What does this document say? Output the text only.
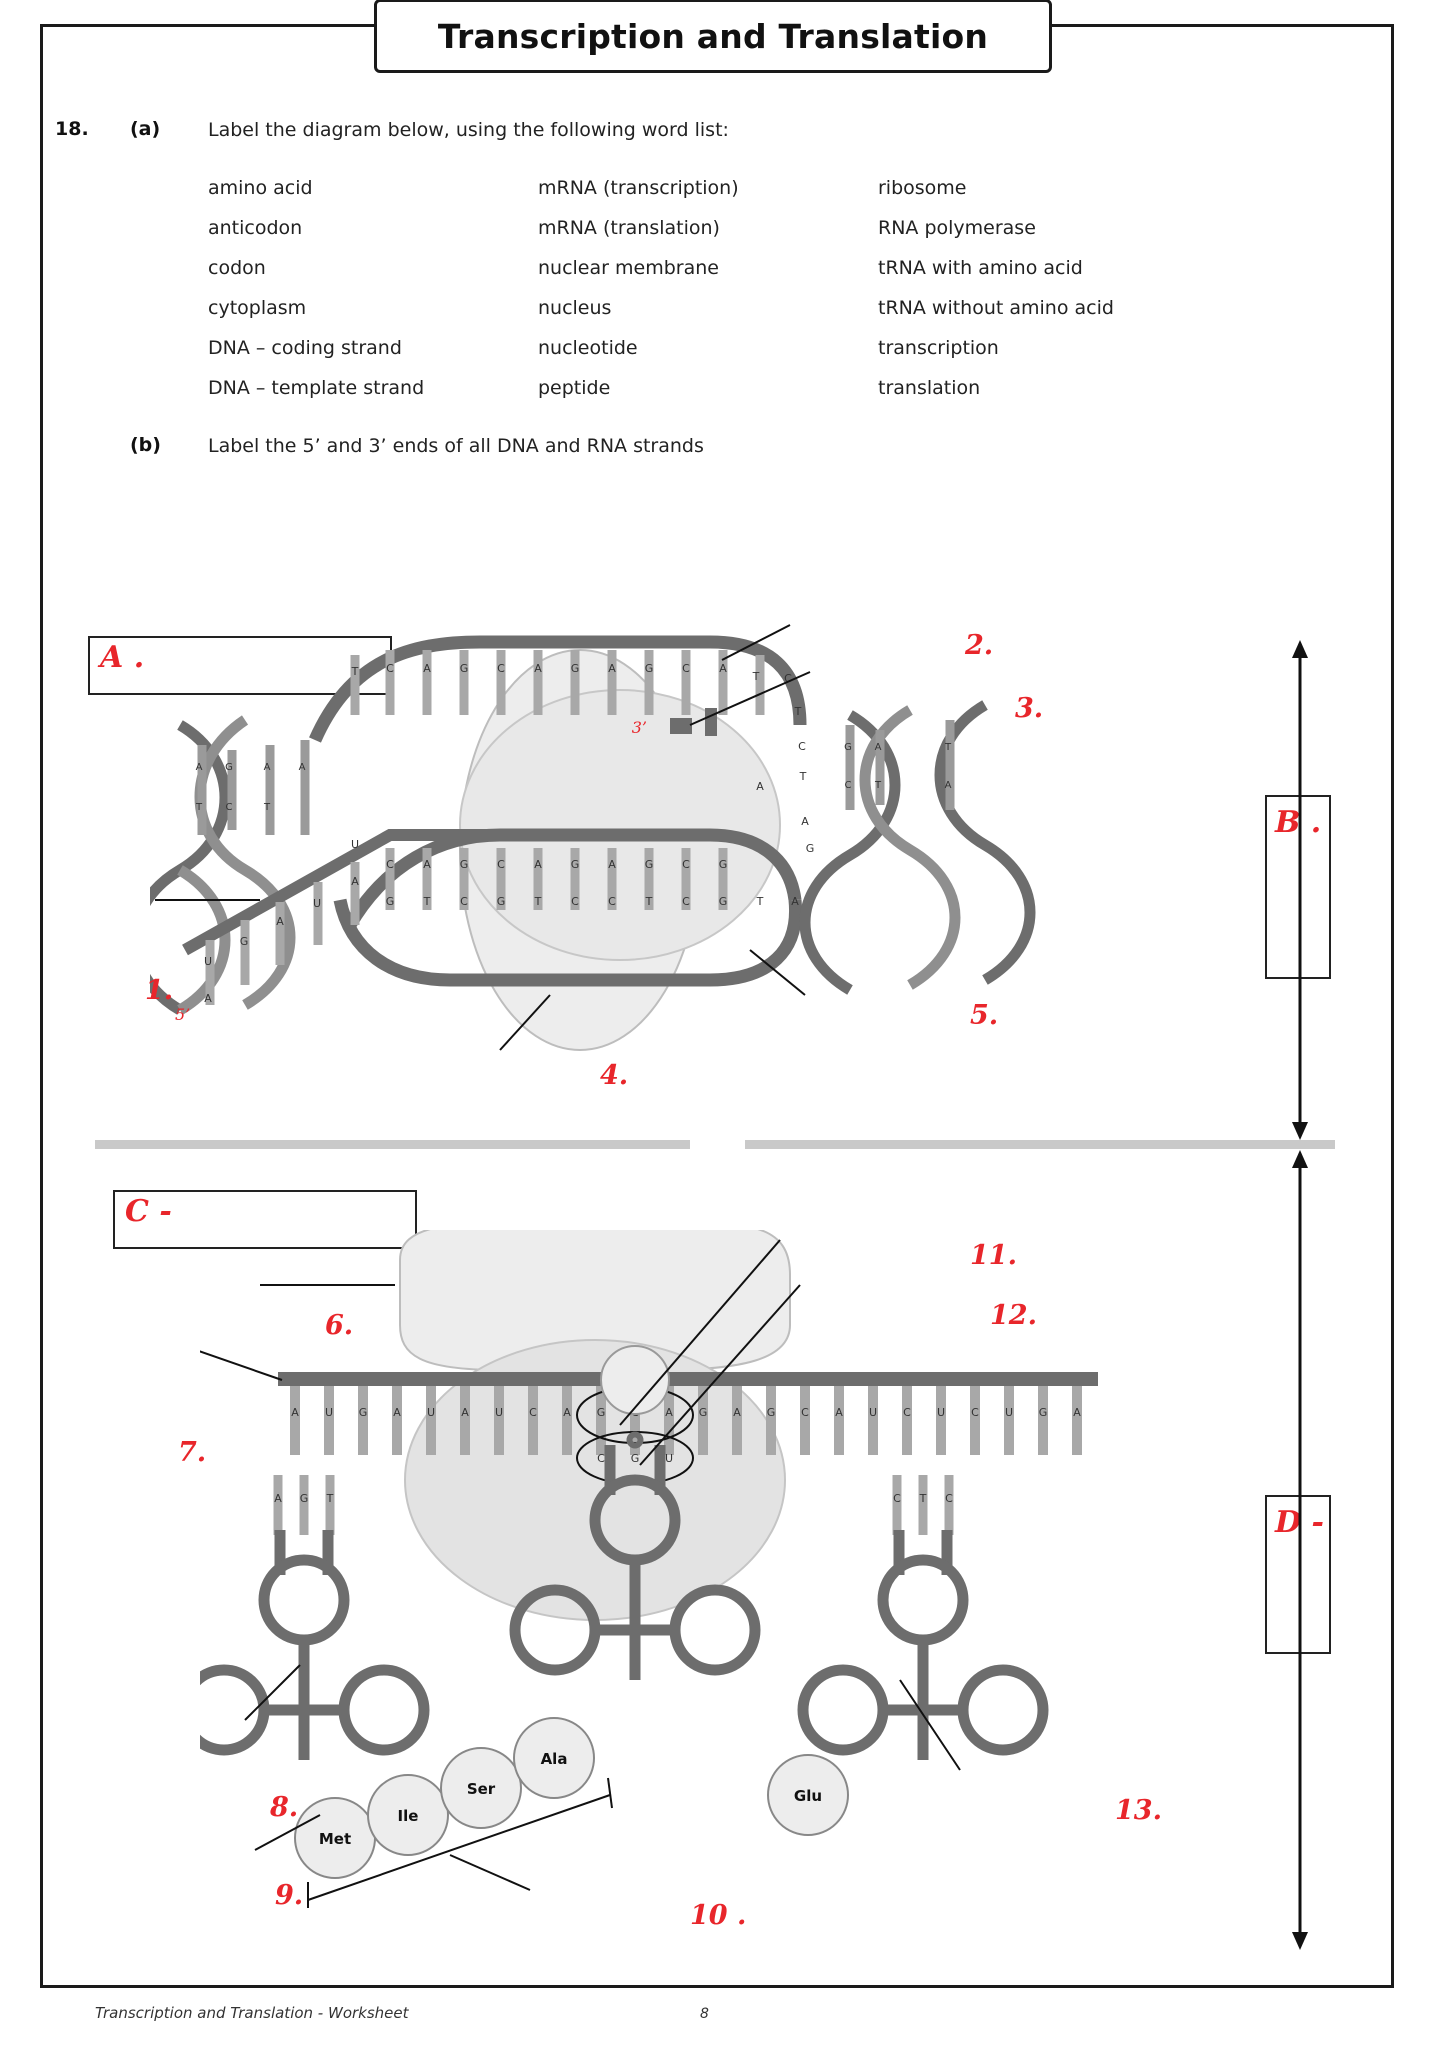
Transcription and Translation
18. (a)	Label the diagram below, using the following word list:
amino acid
anticodon
codon
cytoplasm
DNA – coding strand
DNA – template strand
mRNA (transcription)
mRNA (translation)
nuclear membrane
nucleus
nucleotide
peptide
ribosome
RNA polymerase
tRNA with amino acid
tRNA without amino acid
transcription
translation
(b) Label the 5’ and 3’ ends of all DNA and RNA strands
A .
B .
C -
D -
A
T
G
C
A
T
A
T	C	A	G	C	A	G	A	G	C	A
T C
T
C
T
A
A
G
C	A	G	C	A	G	A	G	C	G
G	T	C	G	T	C	C	T	C	G	T	A
U
A
G
A
U
A
U
3’
5’
G
C
A
T
T
A
A U G A U A U C A G	A G A G C A U C U C U G A
C G U
A G T	C T C
Met
Ile
Ser
Ala
Glu
1.
2.
3.
4.
5.
6.
7.
8.
9.
10 .
11.
12.
13.
Transcription and Translation - Worksheet	8
